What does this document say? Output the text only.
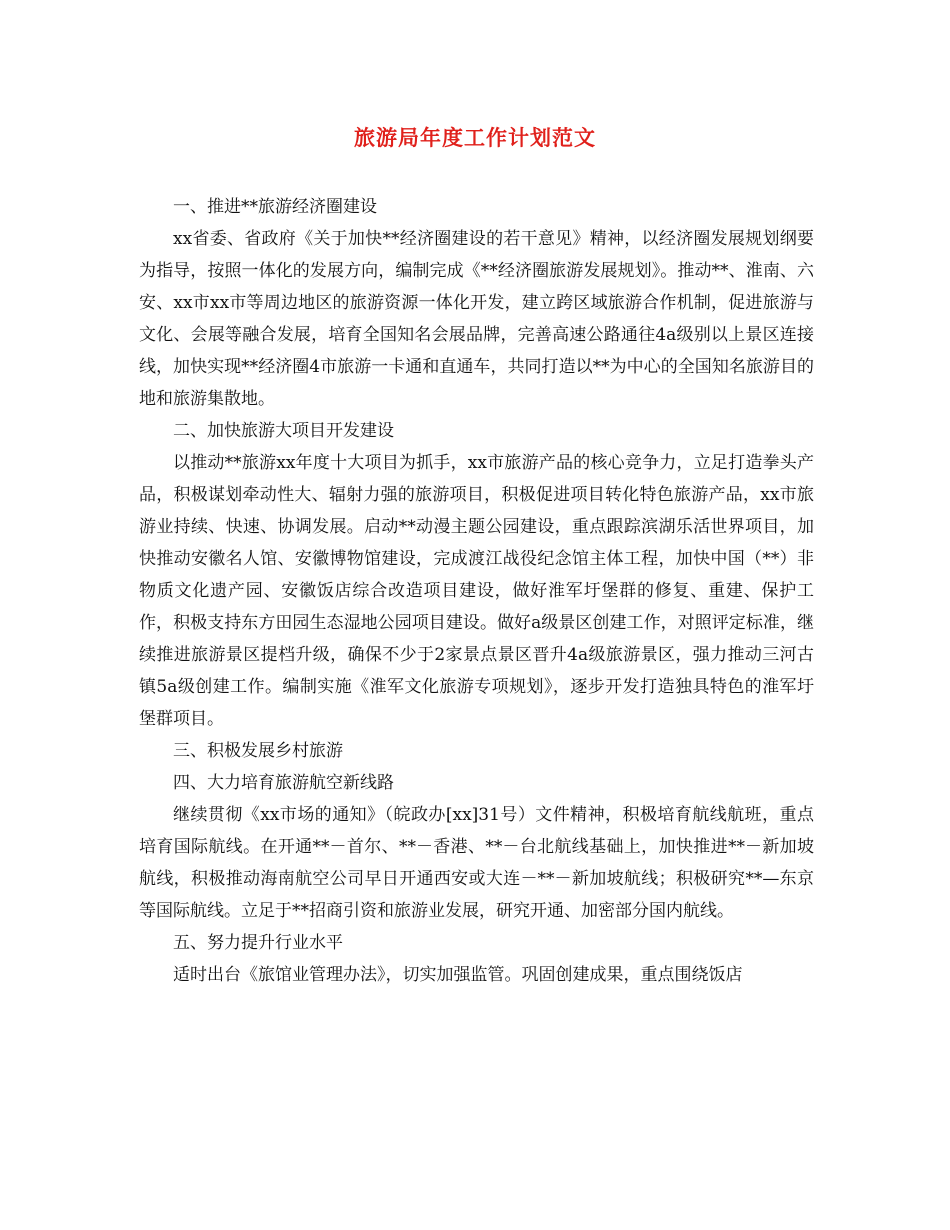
旅游局年度工作计划范文

一、推进**旅游经济圈建设

xx省委、省政府《关于加快**经济圈建设的若干意见》精神，以经济圈发展规划纲要为指导，按照一体化的发展方向，编制完成《**经济圈旅游发展规划》。推动**、淮南、六安、xx市xx市等周边地区的旅游资源一体化开发，建立跨区域旅游合作机制，促进旅游与文化、会展等融合发展，培育全国知名会展品牌，完善高速公路通往4a级别以上景区连接线，加快实现**经济圈4市旅游一卡通和直通车，共同打造以**为中心的全国知名旅游目的地和旅游集散地。

二、加快旅游大项目开发建设

以推动**旅游xx年度十大项目为抓手，xx市旅游产品的核心竞争力，立足打造拳头产品，积极谋划牵动性大、辐射力强的旅游项目，积极促进项目转化特色旅游产品，xx市旅游业持续、快速、协调发展。启动**动漫主题公园建设，重点跟踪滨湖乐活世界项目，加快推动安徽名人馆、安徽博物馆建设，完成渡江战役纪念馆主体工程，加快中国（**）非物质文化遗产园、安徽饭店综合改造项目建设，做好淮军圩堡群的修复、重建、保护工作，积极支持东方田园生态湿地公园项目建设。做好a级景区创建工作，对照评定标准，继续推进旅游景区提档升级，确保不少于2家景点景区晋升4a级旅游景区，强力推动三河古镇5a级创建工作。编制实施《淮军文化旅游专项规划》，逐步开发打造独具特色的淮军圩堡群项目。

三、积极发展乡村旅游

四、大力培育旅游航空新线路

继续贯彻《xx市场的通知》（皖政办[xx]31号）文件精神，积极培育航线航班，重点培育国际航线。在开通**－首尔、**－香港、**－台北航线基础上，加快推进**－新加坡航线，积极推动海南航空公司早日开通西安或大连－**－新加坡航线；积极研究**—东京等国际航线。立足于**招商引资和旅游业发展，研究开通、加密部分国内航线。

五、努力提升行业水平

适时出台《旅馆业管理办法》，切实加强监管。巩固创建成果，重点围绕饭店
